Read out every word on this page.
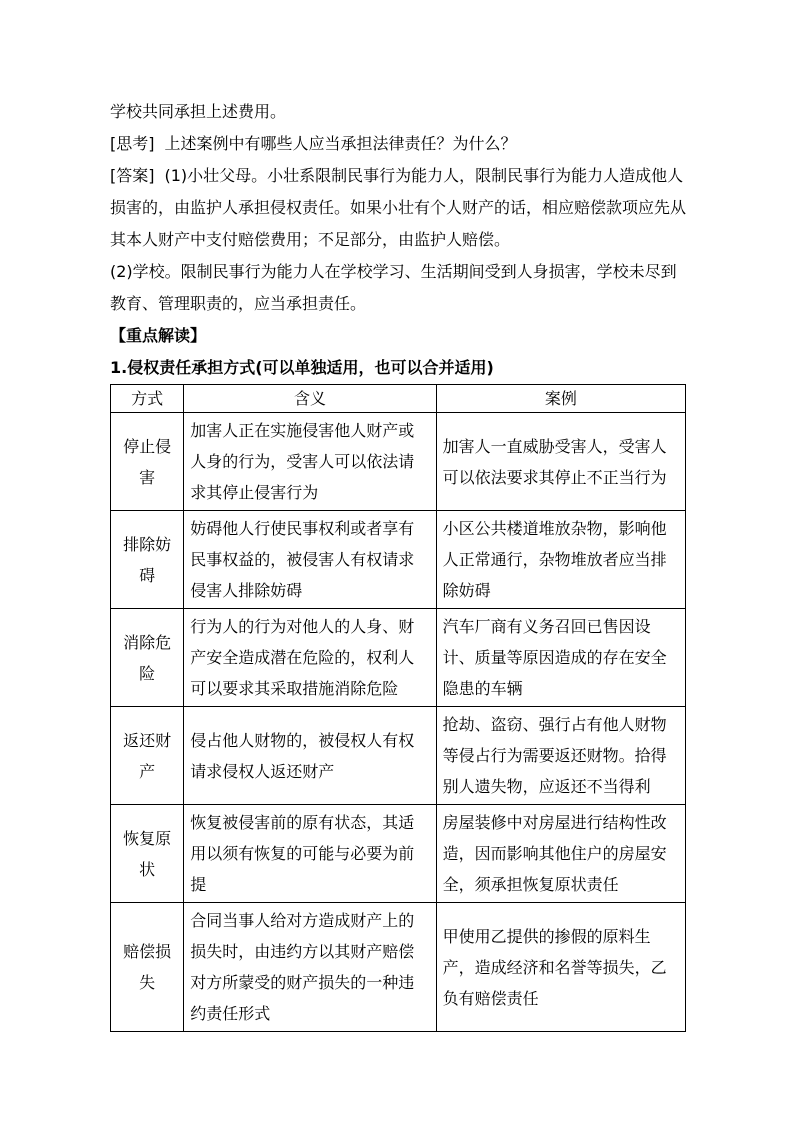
学校共同承担上述费用。

[思考] 上述案例中有哪些人应当承担法律责任？为什么？

[答案] (1)小壮父母。小壮系限制民事行为能力人，限制民事行为能力人造成他人损害的，由监护人承担侵权责任。如果小壮有个人财产的话，相应赔偿款项应先从其本人财产中支付赔偿费用；不足部分，由监护人赔偿。

(2)学校。限制民事行为能力人在学校学习、生活期间受到人身损害，学校未尽到教育、管理职责的，应当承担责任。

【重点解读】

1.侵权责任承担方式(可以单独适用，也可以合并适用)

方式	含义	案例
停止侵害	加害人正在实施侵害他人财产或人身的行为，受害人可以依法请求其停止侵害行为	加害人一直威胁受害人，受害人可以依法要求其停止不正当行为
排除妨碍	妨碍他人行使民事权利或者享有民事权益的，被侵害人有权请求侵害人排除妨碍	小区公共楼道堆放杂物，影响他人正常通行，杂物堆放者应当排除妨碍
消除危险	行为人的行为对他人的人身、财产安全造成潜在危险的，权利人可以要求其采取措施消除危险	汽车厂商有义务召回已售因设计、质量等原因造成的存在安全隐患的车辆
返还财产	侵占他人财物的，被侵权人有权请求侵权人返还财产	抢劫、盗窃、强行占有他人财物等侵占行为需要返还财物。拾得别人遗失物，应返还不当得利
恢复原状	恢复被侵害前的原有状态，其适用以须有恢复的可能与必要为前提	房屋装修中对房屋进行结构性改造，因而影响其他住户的房屋安全，须承担恢复原状责任
赔偿损失	合同当事人给对方造成财产上的损失时，由违约方以其财产赔偿对方所蒙受的财产损失的一种违约责任形式	甲使用乙提供的掺假的原料生产，造成经济和名誉等损失，乙负有赔偿责任
